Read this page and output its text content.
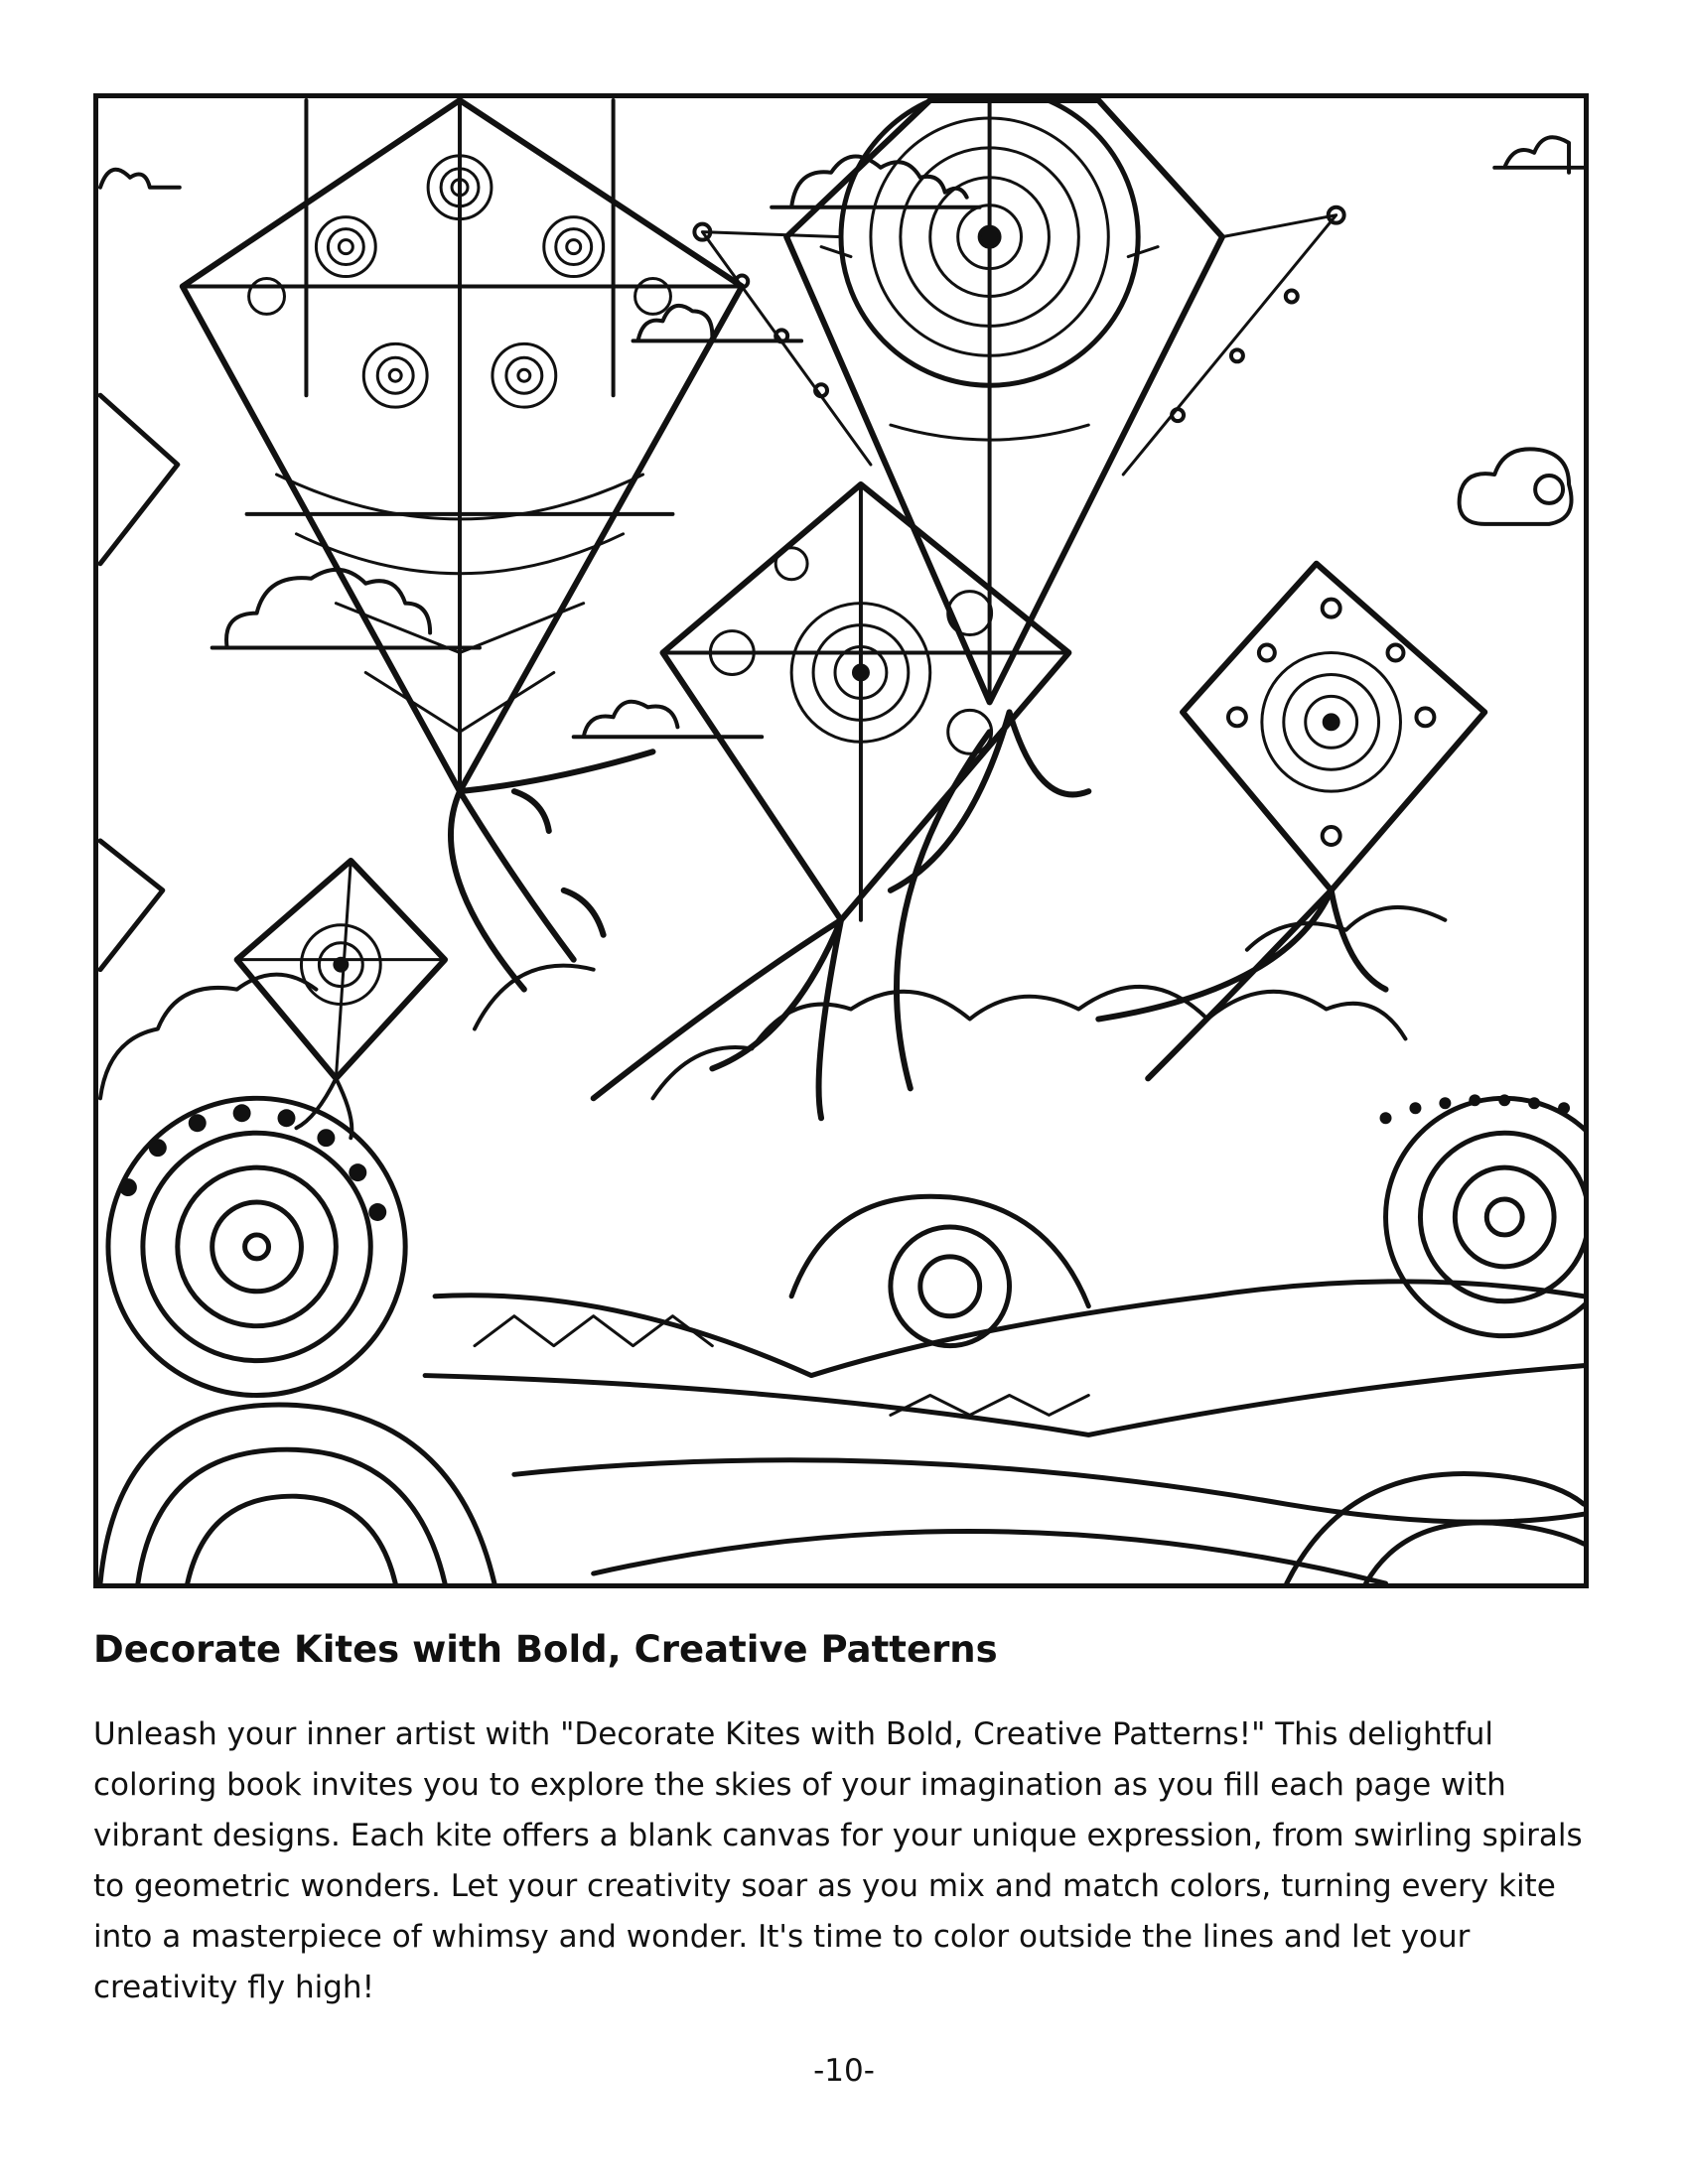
Decorate Kites with Bold, Creative Patterns

Unleash your inner artist with "Decorate Kites with Bold, Creative Patterns!" This delightful coloring book invites you to explore the skies of your imagination as you fill each page with vibrant designs. Each kite offers a blank canvas for your unique expression, from swirling spirals to geometric wonders. Let your creativity soar as you mix and match colors, turning every kite into a masterpiece of whimsy and wonder. It's time to color outside the lines and let your creativity fly high!

-10-
